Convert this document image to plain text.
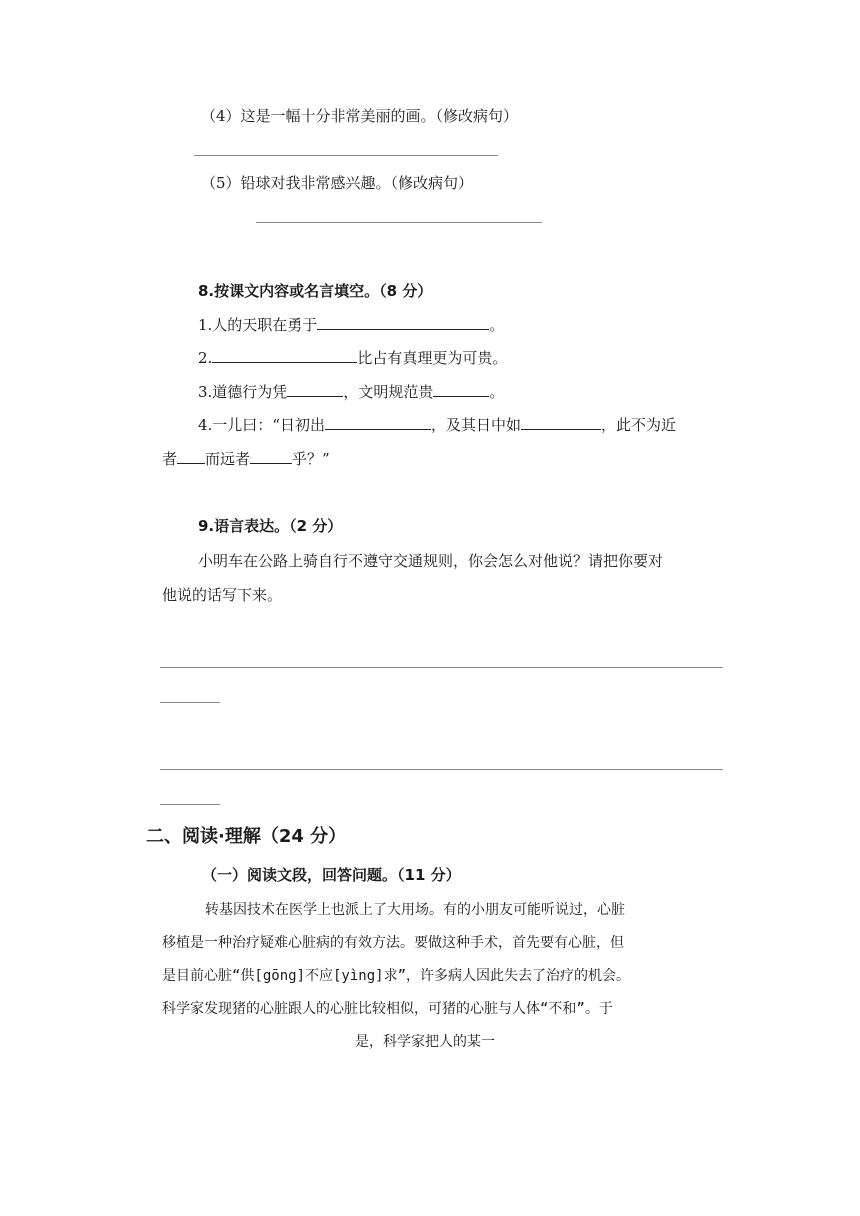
（4）这是一幅十分非常美丽的画。（修改病句）
（5）铅球对我非常感兴趣。（修改病句）
8.按课文内容或名言填空。（8 分）
1.人的天职在勇于	。
2.	比占有真理更为可贵。
3.道德行为凭	，文明规范贵	。
4.一儿曰：“日初出	，及其日中如	，此不为近
者 而远者	乎？”
9.语言表达。（2 分）
小明车在公路上骑自行不遵守交通规则，你会怎么对他说？请把你要对
他说的话写下来。
二、阅读·理解（24 分）
（一）阅读文段，回答问题。（11 分）
转基因技术在医学上也派上了大用场。有的小朋友可能听说过，心脏
移植是一种治疗疑难心脏病的有效方法。要做这种手术，首先要有心脏，但
是目前心脏“供[gōng]不应[yìng]求”，许多病人因此失去了治疗的机会。
科学家发现猪的心脏跟人的心脏比较相似，可猪的心脏与人体“不和”。于
是，科学家把人的某一
